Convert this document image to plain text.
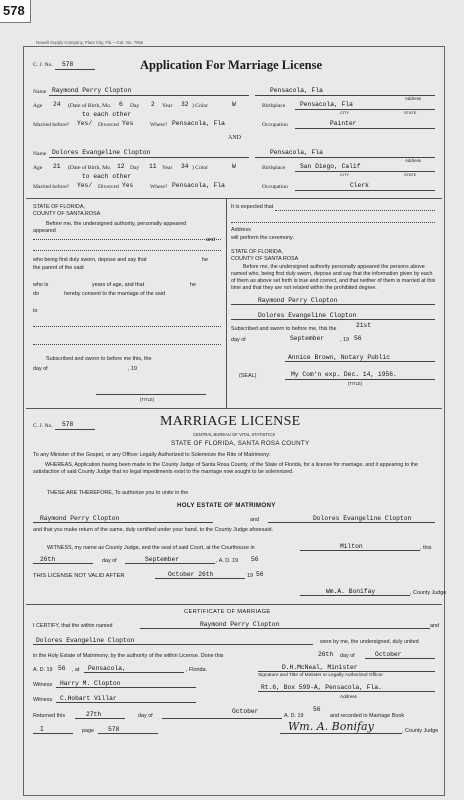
578
Nowell Supply Company, Plant City, Fla.—Cat. No. 7956
C. J. No. 578	Application For Marriage License
Name Raymond Perry Clopton	Pensacola, Fla
Address
Age 24 (Date of Birth, Mo. 6 Day 2 Year 32 ) Color	W	Birthplace Pensacola, Fla
CITY	STATE
to each other
Married before? Yes/ Divorced Yes	Where? Pensacola, Fla	Occupation	Painter
AND
Name Dolores Evangeline Clopton	Pensacola, Fla
Address
Age 21 (Date of Birth, Mo. 12 Day 11 Year 34 ) Color	W	Birthplace San Diego, Calif
CITY	STATE
to each other
Married before? Yes/ Divorced Yes	Where? Pensacola, Fla	Occupation	Clerk
STATE OF FLORIDA,
COUNTY OF SANTA ROSA
Before me, the undersigned authority, personally appeared
appeared
and
who being first duly sworn, depose and say that	he
the parent of the said
who is	years of age, and that	he
do	hereby consent to the marriage of the said
to
Subscribed and sworn to before me this, the
day of	, 19
(TITLE)
It is expected that
Address
will perform the ceremony.
STATE OF FLORIDA,
COUNTY OF SANTA ROSA
Before me, the undersigned authority personally appeared the persons above named who, being first duly sworn, depose and say that the information given by each of them as above set forth is true and correct, and that neither of them is married at this time and that they are not related within the prohibited degree.
Raymond Perry Clopton
Dolores Evangeline Clopton
Subscribed and sworn to before me, this the	21st
day of	September	, 19 56
Annice Brown, Notary Public
(SEAL)	My Com'n exp. Dec. 14, 1956.
(TITLE)
C. J. No. 578	MARRIAGE LICENSE
CENTRAL BUREAU OF VITAL STATISTICS
STATE OF FLORIDA, SANTA ROSA COUNTY
To any Minister of the Gospel, or any Officer Legally Authorized to Solemnize the Rite of Matrimony:
WHEREAS, Application having been made to the County Judge of Santa Rosa County, of the State of Florida, for a license for marriage, and it appearing to the satisfaction of said County Judge that no legal impediments exist to the marriage now sought to be solemnized.
THESE ARE THEREFORE, To authorize you to unite in the
HOLY ESTATE OF MATRIMONY
Raymond Perry Clopton	and	Dolores Evangeline Clopton
and that you make return of the same, duly certified under your hand, to the County Judge aforesaid.
WITNESS, my name as County Judge, and the seal of said Court, at the Courthouse in	Milton	, this
26th	day of	September	, A. D. 19 56
THIS LICENSE NOT VALID AFTER	October 26th	19 56
Wm.A. Bonifay	, County Judge
CERTIFICATE OF MARRIAGE
I CERTIFY, that the within named	Raymond Perry Clopton	and
Dolores Evangeline Clopton	were by me, the undersigned, duly united
in the Holy Estate of Matrimony, by the authority of the within License. Done this	26th day of	October
A. D. 19 56 , at Pensacola,	, Florida.	D.H.McNeal, Minister
Signature and Title of Minister or Legally Authorized Officer
Witness Harry M. Clopton
Rt.6, Box 599-A, Pensacola, Fla.
Address
Witness C.Hobart Villar
Returned this	27th	day of
October
A. D. 19
56
and recorded in Marriage Book
I	page 578	Wm. A. Bonifay	, County Judge
